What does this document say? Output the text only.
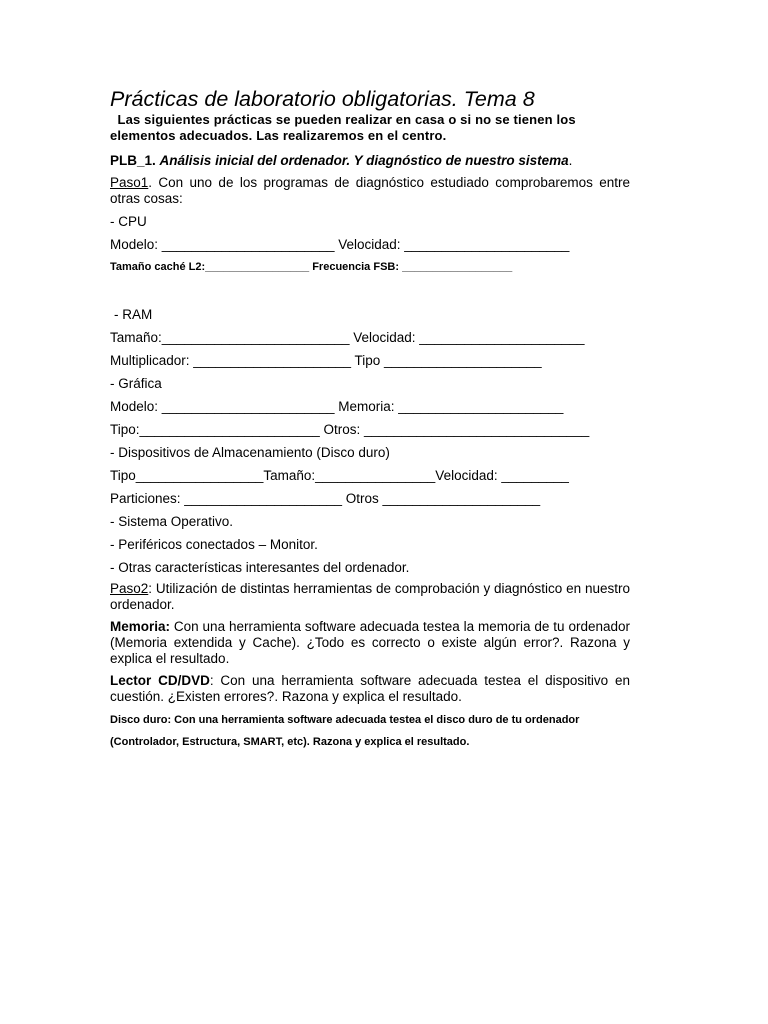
Prácticas de laboratorio obligatorias. Tema 8

Las siguientes prácticas se pueden realizar en casa o si no se tienen los elementos adecuados. Las realizaremos en el centro.

PLB_1. Análisis inicial del ordenador. Y diagnóstico de nuestro sistema.

Paso1. Con uno de los programas de diagnóstico estudiado comprobaremos entre otras cosas:

- CPU

Modelo: _______________________ Velocidad: ______________________

Tamaño caché L2:_________________ Frecuencia FSB: __________________

- RAM

Tamaño:_________________________ Velocidad: ______________________

Multiplicador: _____________________ Tipo _____________________

- Gráfica

Modelo: _______________________ Memoria: ______________________

Tipo:________________________ Otros: ______________________________

- Dispositivos de Almacenamiento (Disco duro)

Tipo_________________Tamaño:________________Velocidad: _________

Particiones: _____________________ Otros _____________________

- Sistema Operativo.

- Periféricos conectados – Monitor.

- Otras características interesantes del ordenador.

Paso2: Utilización de distintas herramientas de comprobación y diagnóstico en nuestro ordenador.

Memoria: Con una herramienta software adecuada testea la memoria de tu ordenador (Memoria extendida y Cache). ¿Todo es correcto o existe algún error?. Razona y explica el resultado.

Lector CD/DVD: Con una herramienta software adecuada testea el dispositivo en cuestión. ¿Existen errores?. Razona y explica el resultado.

Disco duro: Con una herramienta software adecuada testea el disco duro de tu ordenador (Controlador, Estructura, SMART, etc). Razona y explica el resultado.
